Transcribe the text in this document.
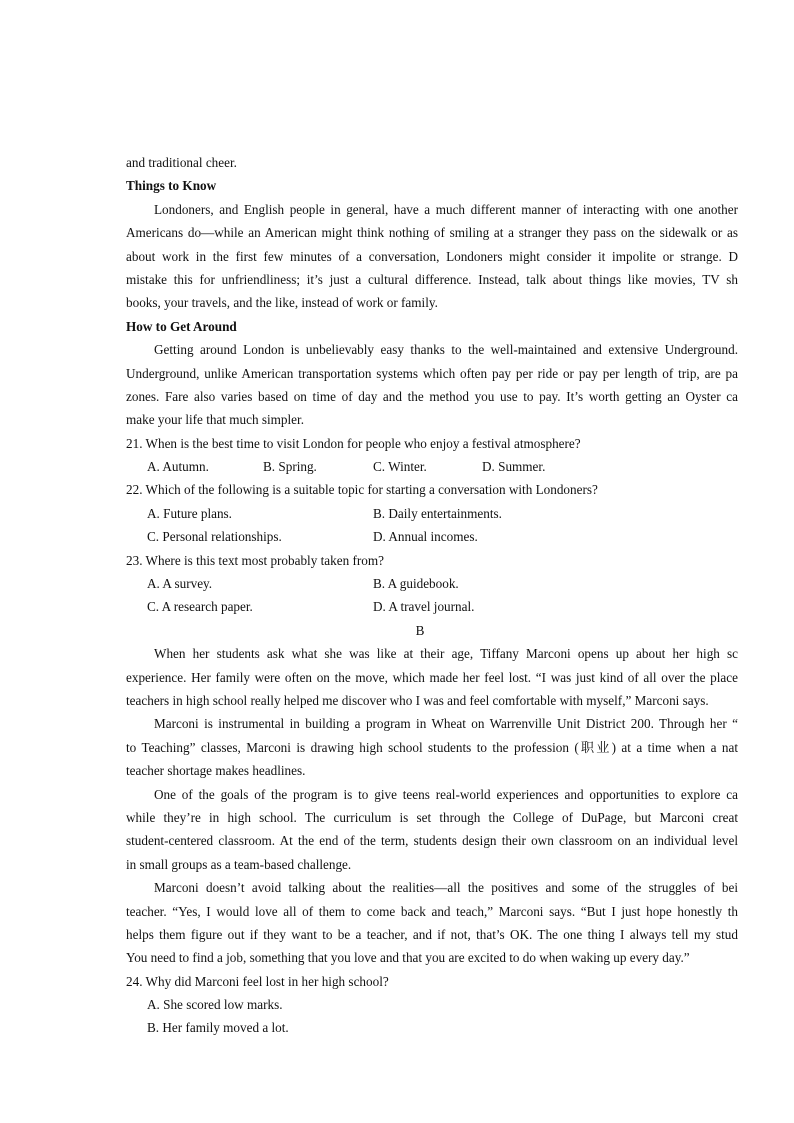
and traditional cheer.
Things to Know
Londoners, and English people in general, have a much different manner of interacting with one another
Americans do—while an American might think nothing of smiling at a stranger they pass on the sidewalk or as
about work in the first few minutes of a conversation, Londoners might consider it impolite or strange. D
mistake this for unfriendliness; it’s just a cultural difference. Instead, talk about things like movies, TV sh
books, your travels, and the like, instead of work or family.
How to Get Around
Getting around London is unbelievably easy thanks to the well-maintained and extensive Underground.
Underground, unlike American transportation systems which often pay per ride or pay per length of trip, are pa
zones. Fare also varies based on time of day and the method you use to pay. It’s worth getting an Oyster ca
make your life that much simpler.
21. When is the best time to visit London for people who enjoy a festival atmosphere?
A. Autumn.	B. Spring.	C. Winter.	D. Summer.
22. Which of the following is a suitable topic for starting a conversation with Londoners?
A. Future plans.	B. Daily entertainments.
C. Personal relationships.	D. Annual incomes.
23. Where is this text most probably taken from?
A. A survey.	B. A guidebook.
C. A research paper.	D. A travel journal.
B
When her students ask what she was like at their age, Tiffany Marconi opens up about her high sc
experience. Her family were often on the move, which made her feel lost. “I was just kind of all over the place
teachers in high school really helped me discover who I was and feel comfortable with myself,” Marconi says.
Marconi is instrumental in building a program in Wheat on Warrenville Unit District 200. Through her “
to Teaching” classes, Marconi is drawing high school students to the profession (职业) at a time when a nat
teacher shortage makes headlines.
One of the goals of the program is to give teens real-world experiences and opportunities to explore ca
while they’re in high school. The curriculum is set through the College of DuPage, but Marconi creat
student-centered classroom. At the end of the term, students design their own classroom on an individual level
in small groups as a team-based challenge.
Marconi doesn’t avoid talking about the realities—all the positives and some of the struggles of bei
teacher. “Yes, I would love all of them to come back and teach,” Marconi says. “But I just hope honestly th
helps them figure out if they want to be a teacher, and if not, that’s OK. The one thing I always tell my stud
You need to find a job, something that you love and that you are excited to do when waking up every day.”
24. Why did Marconi feel lost in her high school?
A. She scored low marks.
B. Her family moved a lot.
